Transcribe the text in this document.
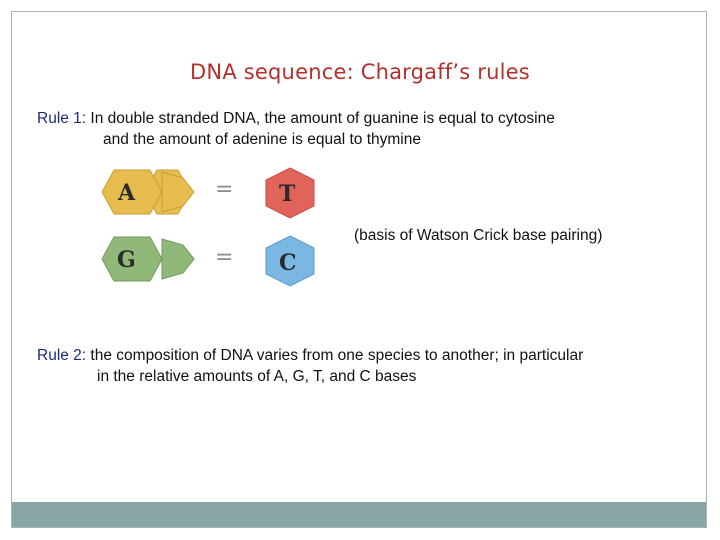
DNA sequence: Chargaff’s rules
Rule 1: In double stranded DNA, the amount of guanine is equal to cytosine
and the amount of adenine is equal to thymine
A	= T
G	= C
(basis of Watson Crick base pairing)
Rule 2: the composition of DNA varies from one species to another; in particular
in the relative amounts of A, G, T, and C bases
